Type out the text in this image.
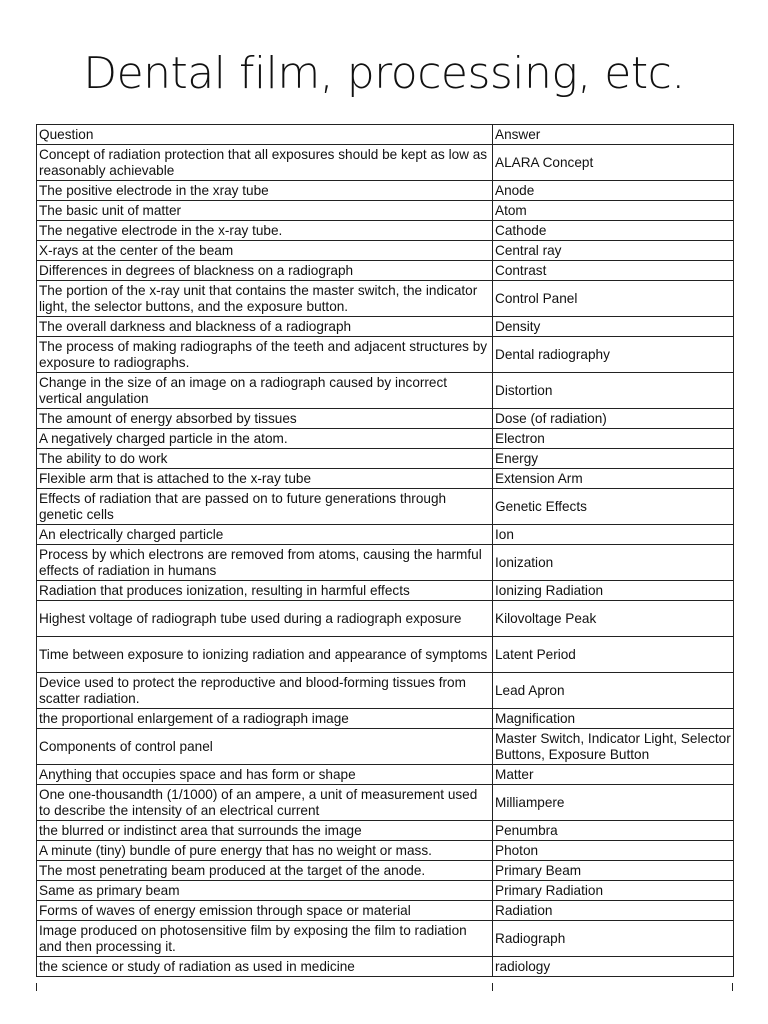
Dental film, processing, etc.
Question	Answer
Concept of radiation protection that all exposures should be kept as low as reasonably achievable	ALARA Concept
The positive electrode in the xray tube	Anode
The basic unit of matter	Atom
The negative electrode in the x-ray tube.	Cathode
X-rays at the center of the beam	Central ray
Differences in degrees of blackness on a radiograph	Contrast
The portion of the x-ray unit that contains the master switch, the indicator light, the selector buttons, and the exposure button.	Control Panel
The overall darkness and blackness of a radiograph	Density
The process of making radiographs of the teeth and adjacent structures by exposure to radiographs.	Dental radiography
Change in the size of an image on a radiograph caused by incorrect vertical angulation	Distortion
The amount of energy absorbed by tissues	Dose (of radiation)
A negatively charged particle in the atom.	Electron
The ability to do work	Energy
Flexible arm that is attached to the x-ray tube	Extension Arm
Effects of radiation that are passed on to future generations through genetic cells	Genetic Effects
An electrically charged particle	Ion
Process by which electrons are removed from atoms, causing the harmful effects of radiation in humans	Ionization
Radiation that produces ionization, resulting in harmful effects	Ionizing Radiation
Highest voltage of radiograph tube used during a radiograph exposure	Kilovoltage Peak
Time between exposure to ionizing radiation and appearance of symptoms	Latent Period
Device used to protect the reproductive and blood-forming tissues from scatter radiation.	Lead Apron
the proportional enlargement of a radiograph image	Magnification
Components of control panel	Master Switch, Indicator Light, Selector Buttons, Exposure Button
Anything that occupies space and has form or shape	Matter
One one-thousandth (1/1000) of an ampere, a unit of measurement used to describe the intensity of an electrical current	Milliampere
the blurred or indistinct area that surrounds the image	Penumbra
A minute (tiny) bundle of pure energy that has no weight or mass.	Photon
The most penetrating beam produced at the target of the anode.	Primary Beam
Same as primary beam	Primary Radiation
Forms of waves of energy emission through space or material	Radiation
Image produced on photosensitive film by exposing the film to radiation and then processing it.	Radiograph
the science or study of radiation as used in medicine	radiology
